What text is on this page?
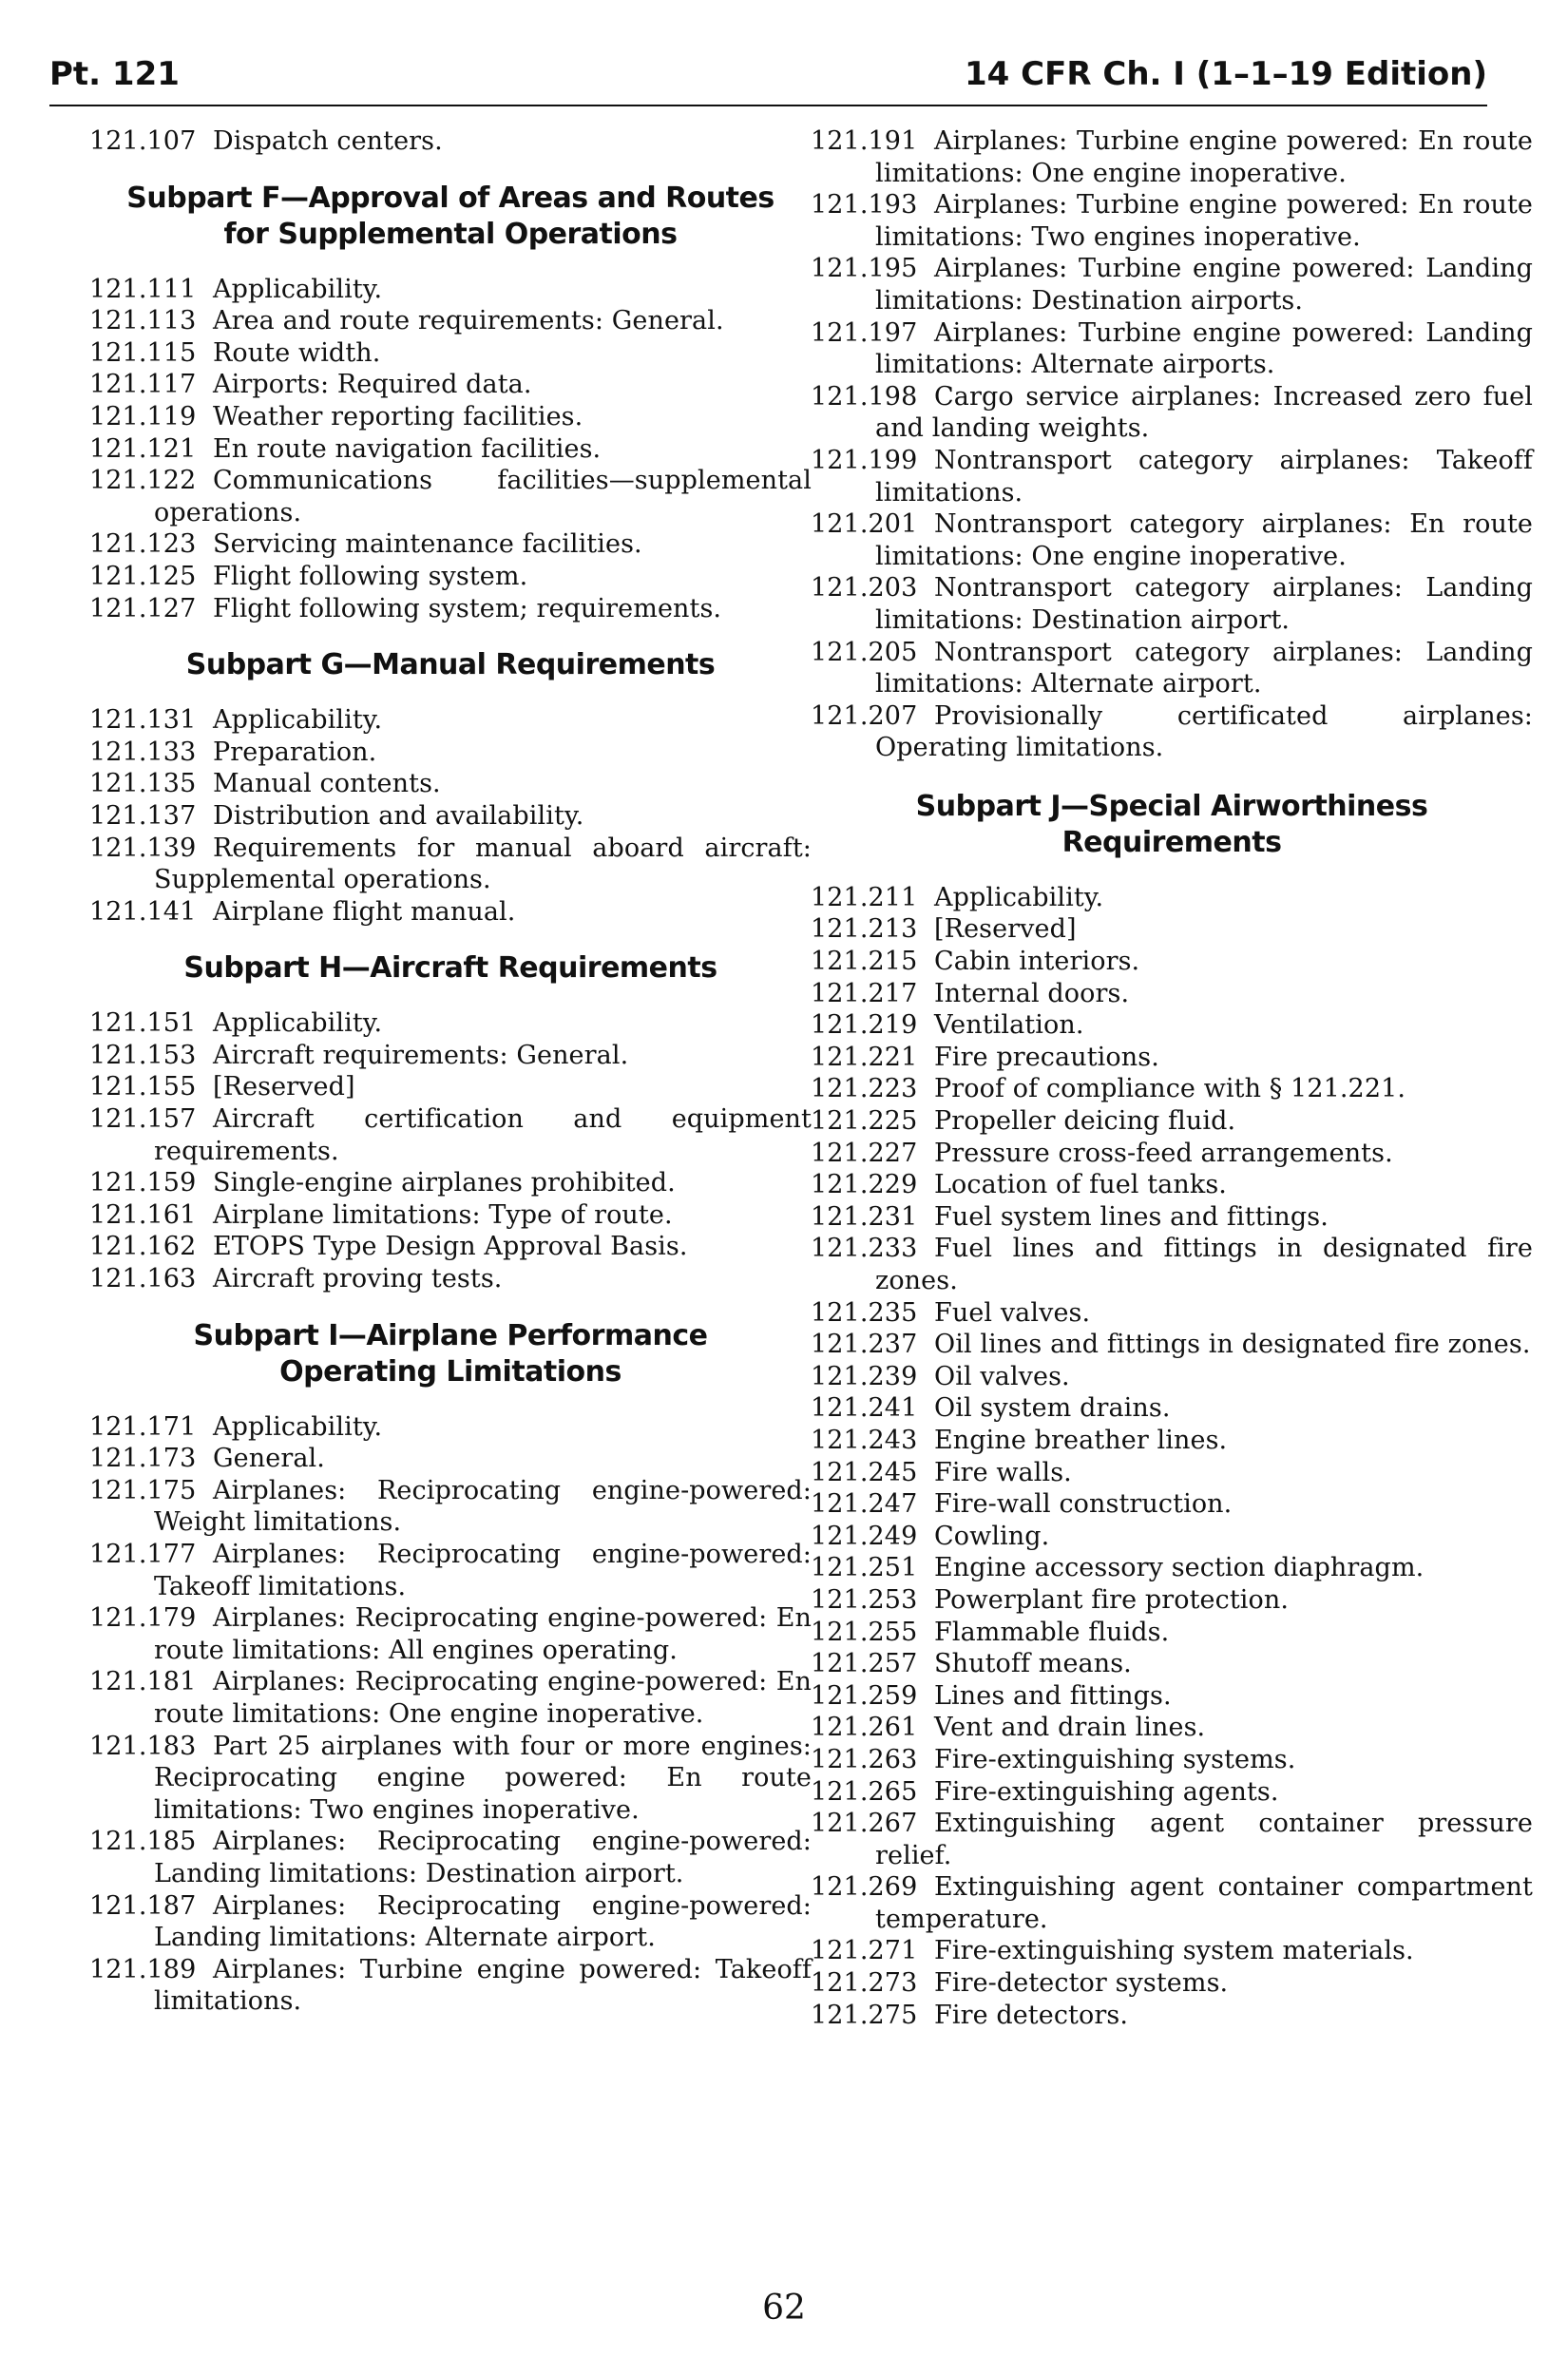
Pt. 121	14 CFR Ch. I (1–1–19 Edition)
121.107 Dispatch centers.
Subpart F—Approval of Areas and Routes
for Supplemental Operations
121.111 Applicability.
121.113 Area and route requirements: General.
121.115 Route width.
121.117 Airports: Required data.
121.119 Weather reporting facilities.
121.121 En route navigation facilities.
121.122 Communications facilities—supplemental operations.
121.123 Servicing maintenance facilities.
121.125 Flight following system.
121.127 Flight following system; requirements.
Subpart G—Manual Requirements
121.131 Applicability.
121.133 Preparation.
121.135 Manual contents.
121.137 Distribution and availability.
121.139 Requirements for manual aboard aircraft: Supplemental operations.
121.141 Airplane flight manual.
Subpart H—Aircraft Requirements
121.151 Applicability.
121.153 Aircraft requirements: General.
121.155 [Reserved]
121.157 Aircraft certification and equipment requirements.
121.159 Single-engine airplanes prohibited.
121.161 Airplane limitations: Type of route.
121.162 ETOPS Type Design Approval Basis.
121.163 Aircraft proving tests.
Subpart I—Airplane Performance
Operating Limitations
121.171 Applicability.
121.173 General.
121.175 Airplanes: Reciprocating engine-powered: Weight limitations.
121.177 Airplanes: Reciprocating engine-powered: Takeoff limitations.
121.179 Airplanes: Reciprocating engine-powered: En route limitations: All engines operating.
121.181 Airplanes: Reciprocating engine-powered: En route limitations: One engine inoperative.
121.183 Part 25 airplanes with four or more engines: Reciprocating engine powered: En route limitations: Two engines inoperative.
121.185 Airplanes: Reciprocating engine-powered: Landing limitations: Destination airport.
121.187 Airplanes: Reciprocating engine-powered: Landing limitations: Alternate airport.
121.189 Airplanes: Turbine engine powered: Takeoff limitations.
121.191 Airplanes: Turbine engine powered: En route limitations: One engine inoperative.
121.193 Airplanes: Turbine engine powered: En route limitations: Two engines inoperative.
121.195 Airplanes: Turbine engine powered: Landing limitations: Destination airports.
121.197 Airplanes: Turbine engine powered: Landing limitations: Alternate airports.
121.198 Cargo service airplanes: Increased zero fuel and landing weights.
121.199 Nontransport category airplanes: Takeoff limitations.
121.201 Nontransport category airplanes: En route limitations: One engine inoperative.
121.203 Nontransport category airplanes: Landing limitations: Destination airport.
121.205 Nontransport category airplanes: Landing limitations: Alternate airport.
121.207 Provisionally certificated airplanes: Operating limitations.
Subpart J—Special Airworthiness
Requirements
121.211 Applicability.
121.213 [Reserved]
121.215 Cabin interiors.
121.217 Internal doors.
121.219 Ventilation.
121.221 Fire precautions.
121.223 Proof of compliance with § 121.221.
121.225 Propeller deicing fluid.
121.227 Pressure cross-feed arrangements.
121.229 Location of fuel tanks.
121.231 Fuel system lines and fittings.
121.233 Fuel lines and fittings in designated fire zones.
121.235 Fuel valves.
121.237 Oil lines and fittings in designated fire zones.
121.239 Oil valves.
121.241 Oil system drains.
121.243 Engine breather lines.
121.245 Fire walls.
121.247 Fire-wall construction.
121.249 Cowling.
121.251 Engine accessory section diaphragm.
121.253 Powerplant fire protection.
121.255 Flammable fluids.
121.257 Shutoff means.
121.259 Lines and fittings.
121.261 Vent and drain lines.
121.263 Fire-extinguishing systems.
121.265 Fire-extinguishing agents.
121.267 Extinguishing agent container pressure relief.
121.269 Extinguishing agent container compartment temperature.
121.271 Fire-extinguishing system materials.
121.273 Fire-detector systems.
121.275 Fire detectors.
62
